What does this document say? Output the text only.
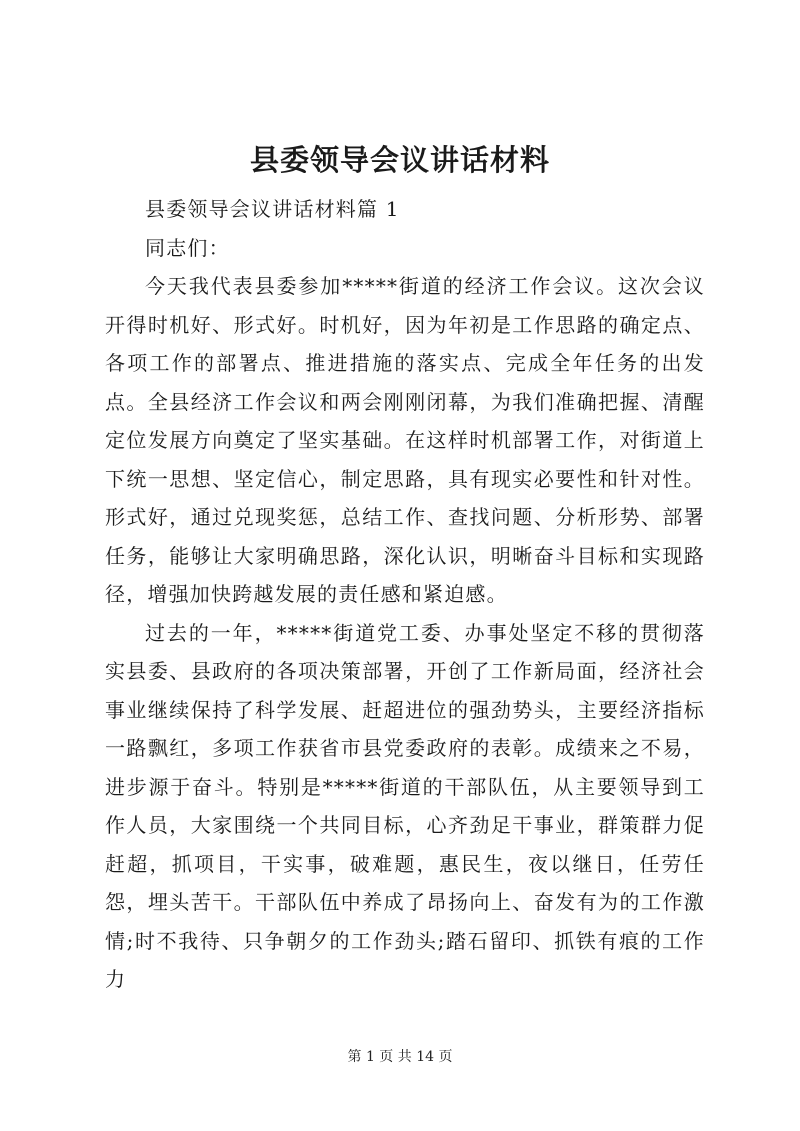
县委领导会议讲话材料

县委领导会议讲话材料篇 1

同志们：

今天我代表县委参加*****街道的经济工作会议。这次会议开得时机好、形式好。时机好，因为年初是工作思路的确定点、各项工作的部署点、推进措施的落实点、完成全年任务的出发点。全县经济工作会议和两会刚刚闭幕，为我们准确把握、清醒定位发展方向奠定了坚实基础。在这样时机部署工作，对街道上下统一思想、坚定信心，制定思路，具有现实必要性和针对性。形式好，通过兑现奖惩，总结工作、查找问题、分析形势、部署任务，能够让大家明确思路，深化认识，明晰奋斗目标和实现路径，增强加快跨越发展的责任感和紧迫感。

过去的一年，*****街道党工委、办事处坚定不移的贯彻落实县委、县政府的各项决策部署，开创了工作新局面，经济社会事业继续保持了科学发展、赶超进位的强劲势头，主要经济指标一路飘红，多项工作获省市县党委政府的表彰。成绩来之不易，进步源于奋斗。特别是*****街道的干部队伍，从主要领导到工作人员，大家围绕一个共同目标，心齐劲足干事业，群策群力促赶超，抓项目，干实事，破难题，惠民生，夜以继日，任劳任怨，埋头苦干。干部队伍中养成了昂扬向上、奋发有为的工作激情;时不我待、只争朝夕的工作劲头;踏石留印、抓铁有痕的工作力

第 1 页 共 14 页
